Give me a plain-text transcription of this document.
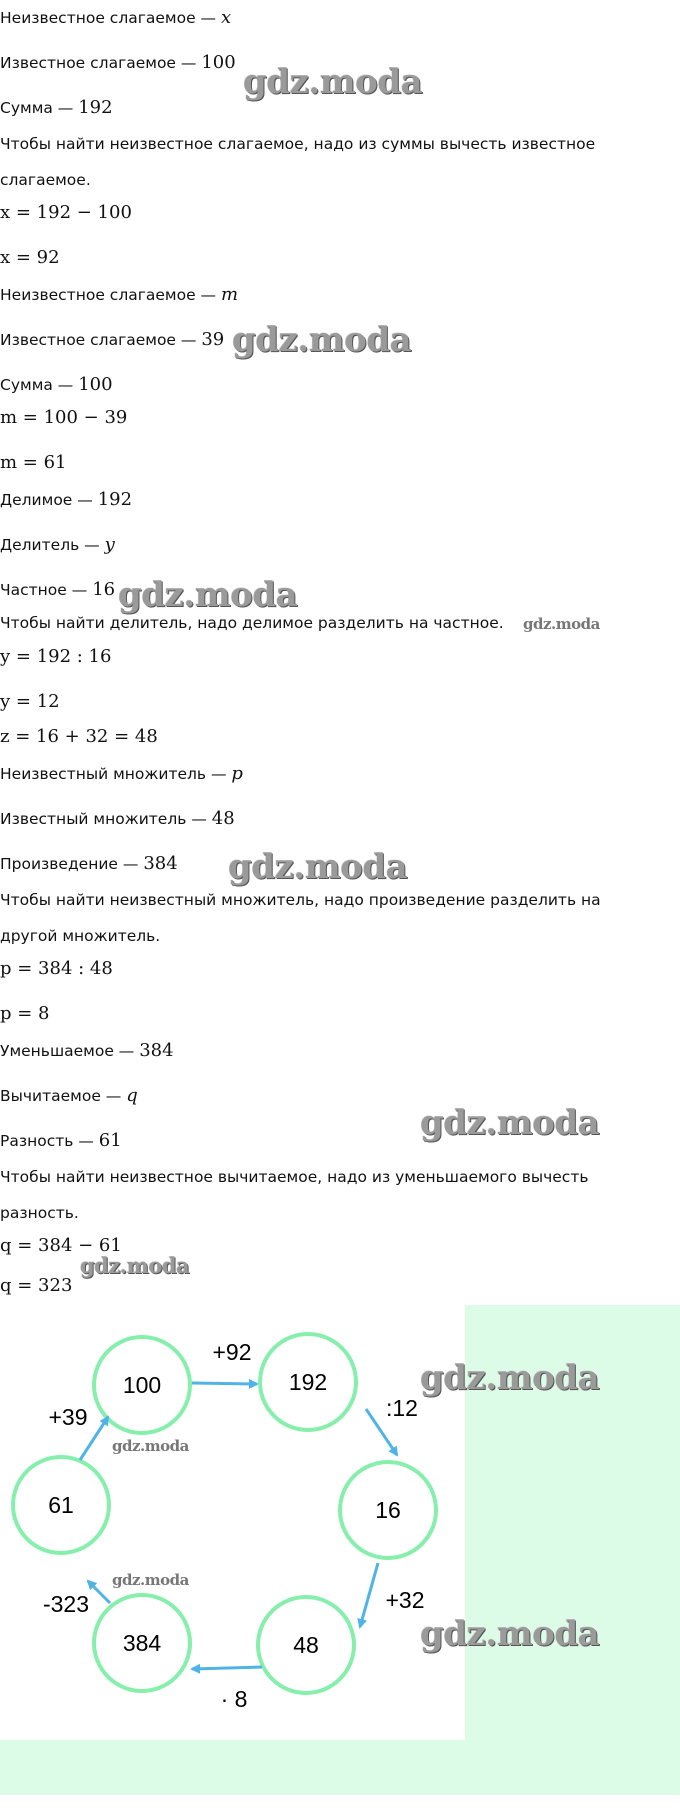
Неизвестное слагаемое — x
Известное слагаемое — 100
Сумма — 192
Чтобы найти неизвестное слагаемое, надо из суммы вычесть известное
слагаемое.
x = 192 − 100
x = 92
Неизвестное слагаемое — m
Известное слагаемое — 39
Сумма — 100
m = 100 − 39
m = 61
Делимое — 192
Делитель — y
Частное — 16
Чтобы найти делитель, надо делимое разделить на частное.
y = 192 : 16
y = 12
z = 16 + 32 = 48
Неизвестный множитель — p
Известный множитель — 48
Произведение — 384
Чтобы найти неизвестный множитель, надо произведение разделить на
другой множитель.
p = 384 : 48
p = 8
Уменьшаемое — 384
Вычитаемое — q
Разность — 61
Чтобы найти неизвестное вычитаемое, надо из уменьшаемого вычесть
разность.
q = 384 − 61
q = 323
gdz.moda
gdz.moda
gdz.moda
gdz.moda
gdz.moda
gdz.moda
gdz.moda
gdz.moda
gdz.moda
gdz.moda
gdz.moda
100	192
16
48
384
61
+92
:12
+32
· 8
-323
+39
